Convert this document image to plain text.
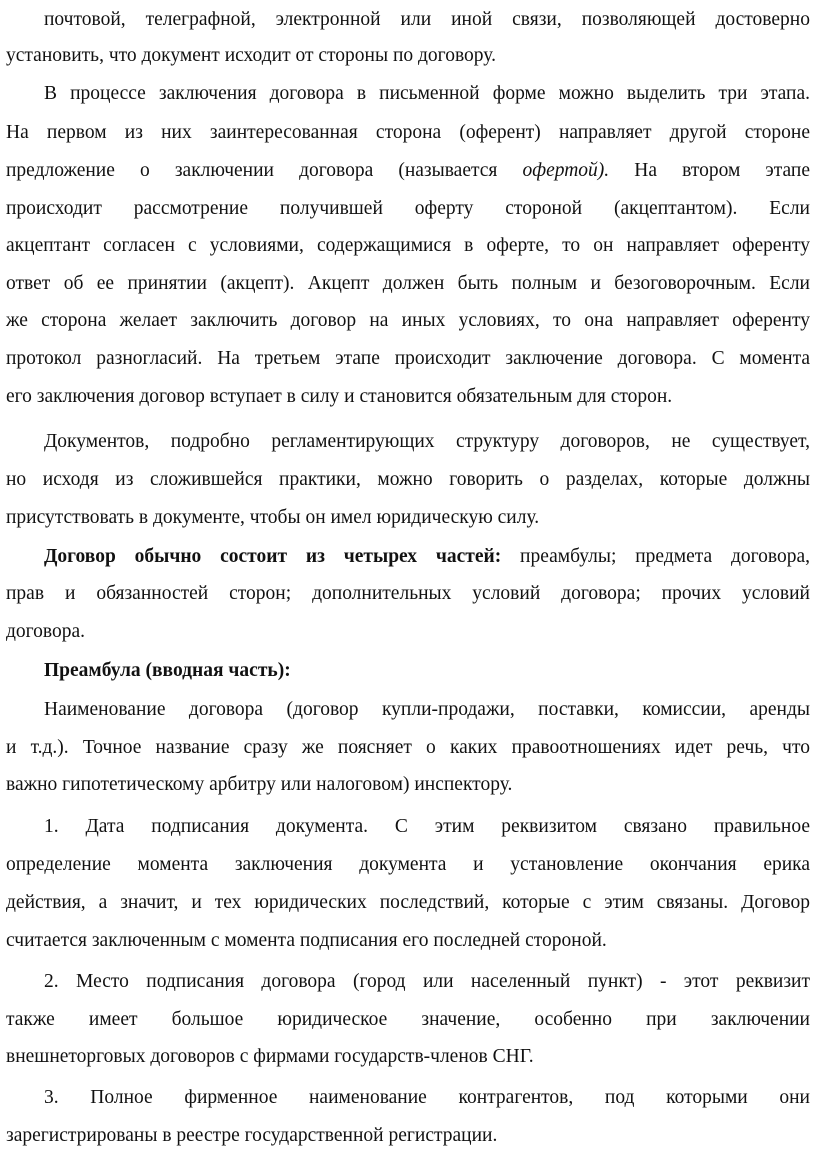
почтовой, телеграфной, электронной или иной связи, позволяющей достоверно
установить, что документ исходит от стороны по договору.
В процессе заключения договора в письменной форме можно выделить три этапа.
На первом из них заинтересованная сторона (оферент) направляет другой стороне
предложение о заключении договора (называется офертой). На втором этапе
происходит рассмотрение получившей оферту стороной (акцептантом). Если
акцептант согласен с условиями, содержащимися в оферте, то он направляет оференту
ответ об ее принятии (акцепт). Акцепт должен быть полным и безоговорочным. Если
же сторона желает заключить договор на иных условиях, то она направляет оференту
протокол разногласий. На третьем этапе происходит заключение договора. С момента
его заключения договор вступает в силу и становится обязательным для сторон.
Документов, подробно регламентирующих структуру договоров, не существует,
но исходя из сложившейся практики, можно говорить о разделах, которые должны
присутствовать в документе, чтобы он имел юридическую силу.
Договор обычно состоит из четырех частей: преамбулы; предмета договора,
прав и обязанностей сторон; дополнительных условий договора; прочих условий
договора.
Преамбула (вводная часть):
Наименование договора (договор купли-продажи, поставки, комиссии, аренды
и т.д.). Точное название сразу же поясняет о каких правоотношениях идет речь, что
важно гипотетическому арбитру или налоговом) инспектору.
1. Дата подписания документа. С этим реквизитом связано правильное
определение момента заключения документа и установление окончания ерика
действия, а значит, и тех юридических последствий, которые с этим связаны. Договор
считается заключенным с момента подписания его последней стороной.
2. Место подписания договора (город или населенный пункт) - этот реквизит
также имеет большое юридическое значение, особенно при заключении
внешнеторговых договоров с фирмами государств-членов СНГ.
3. Полное фирменное наименование контрагентов, под которыми они
зарегистрированы в реестре государственной регистрации.
